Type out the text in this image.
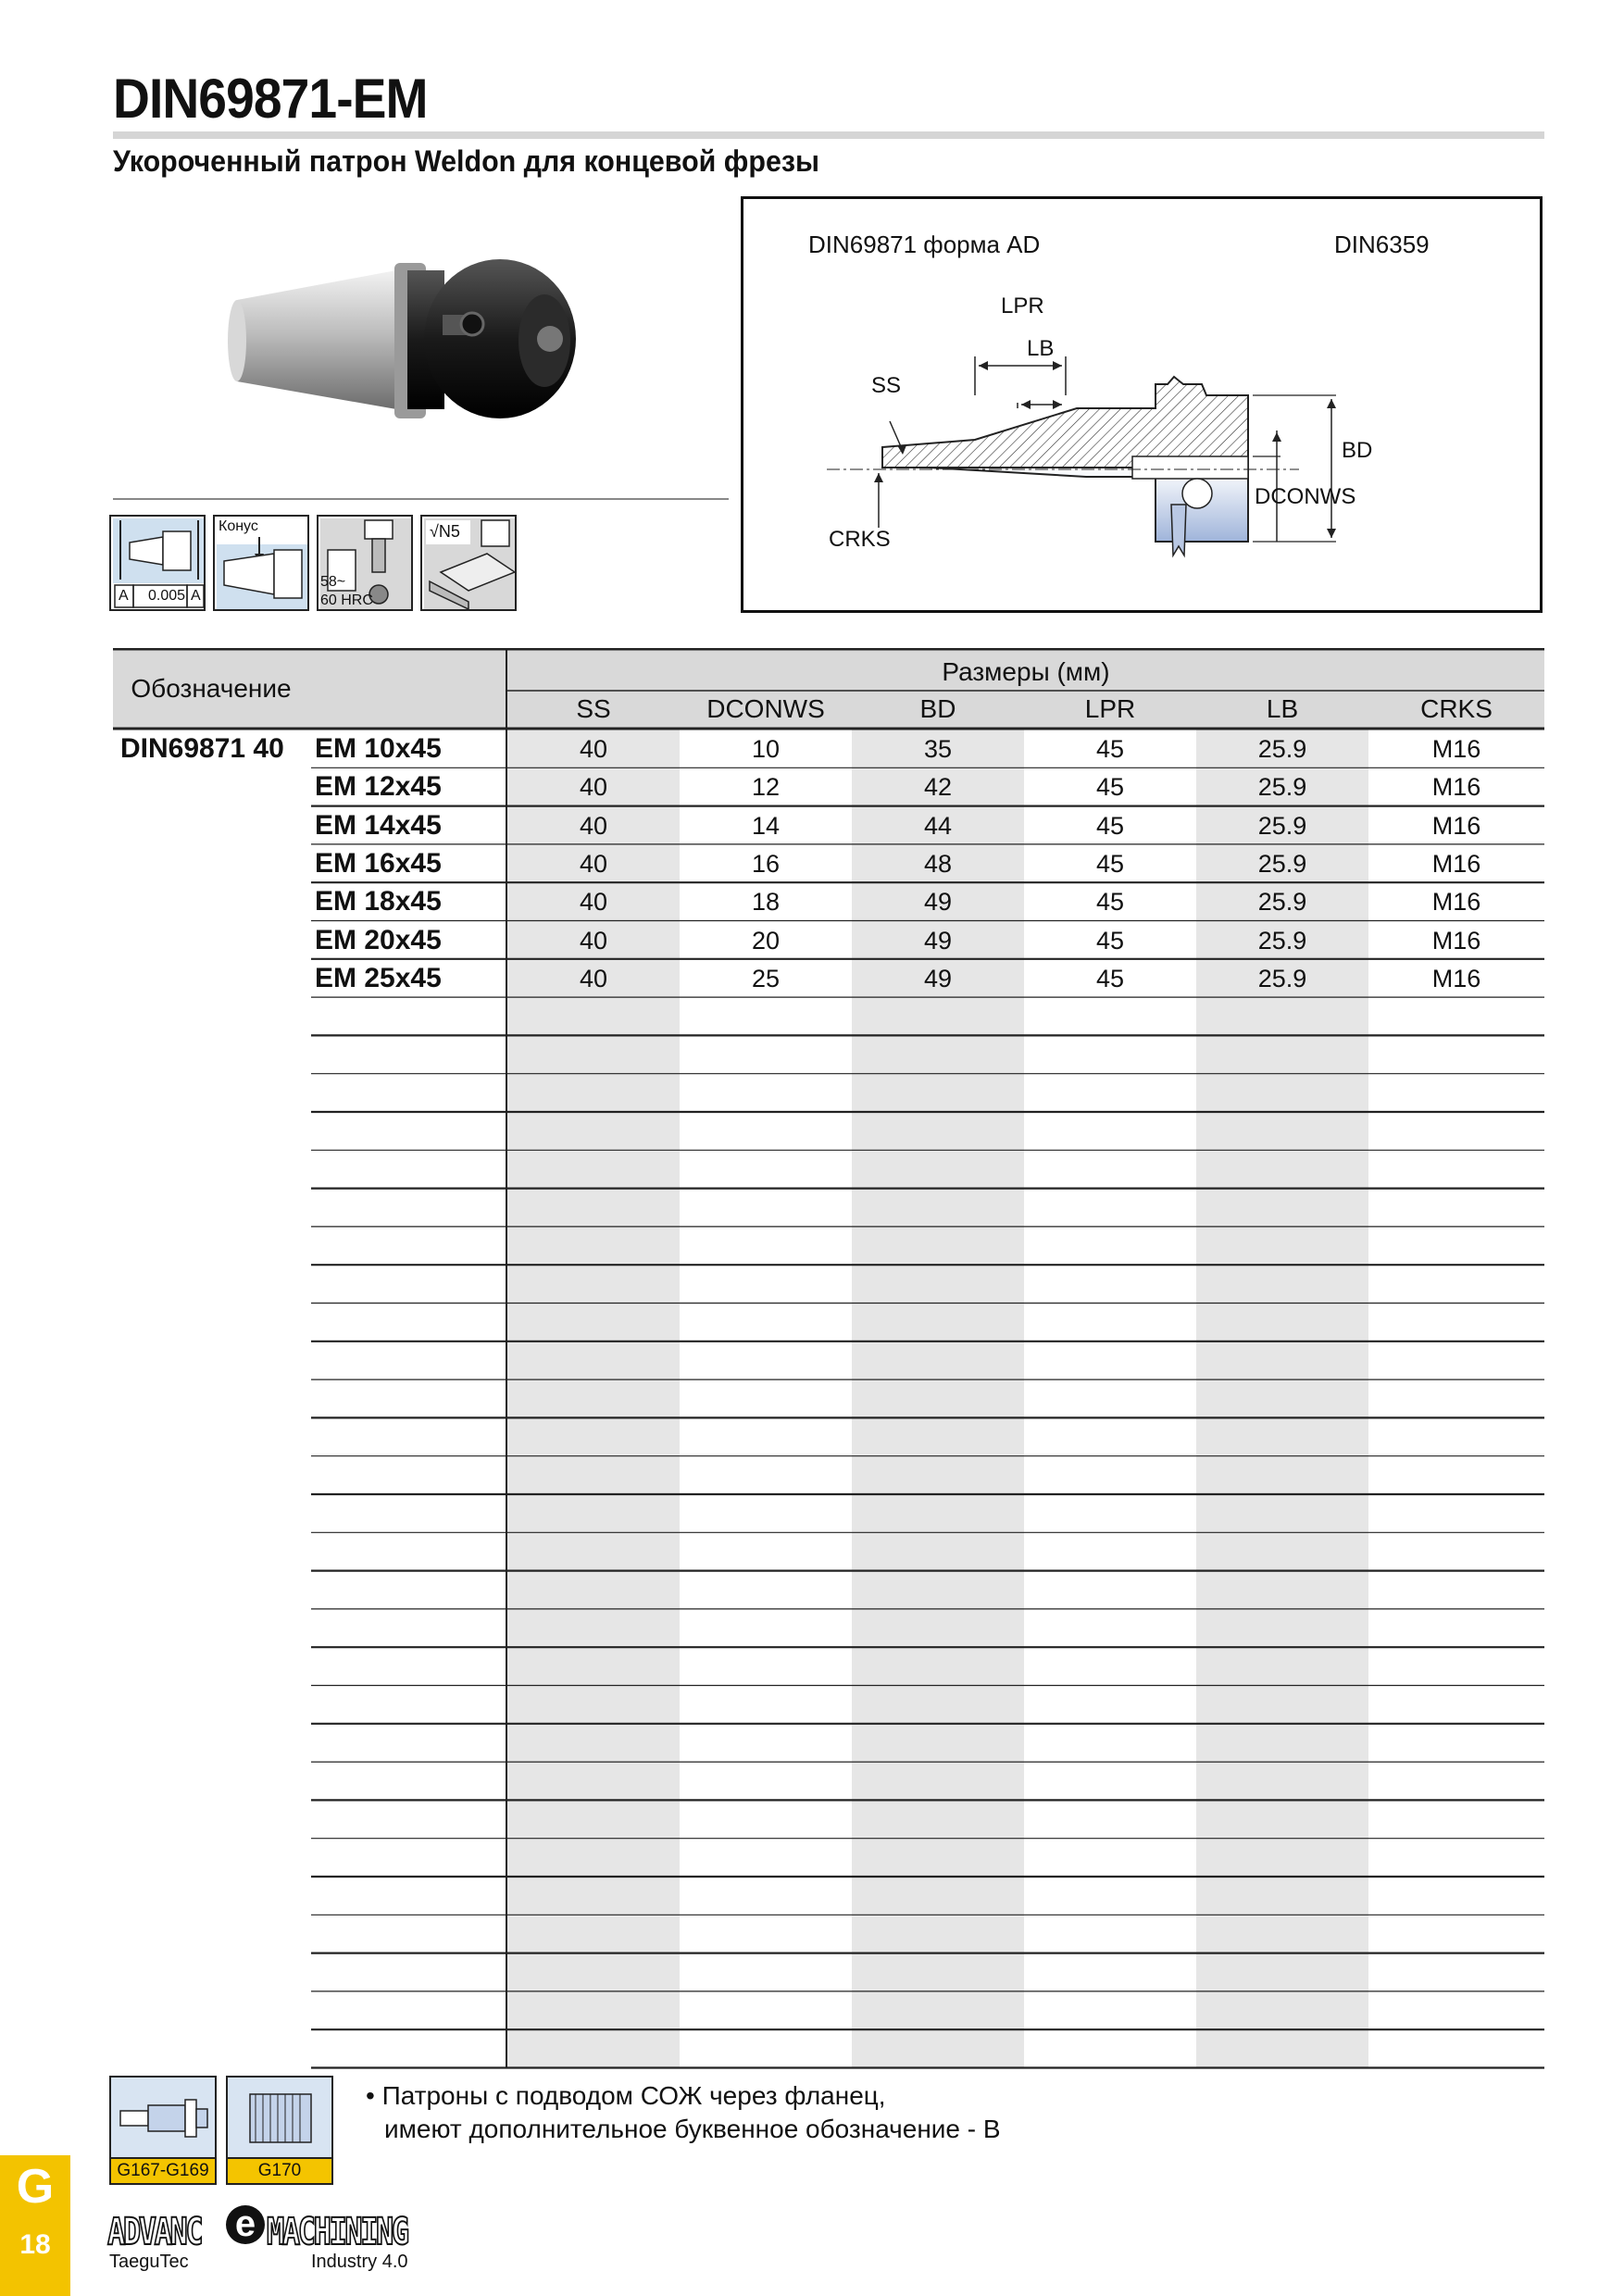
DIN69871-EM
Укороченный патрон Weldon для концевой фрезы
A 0.005 A
Конус
58~
60 HRC
√N5
DIN69871 форма AD	DIN6359
LPR
LB
SS
BD
DCONWS
CRKS
Обозначение
Размеры (мм)
SS	DCONWS	BD	LPR	LB	CRKS
DIN69871 40 EM 10x45	40	10	35	45	25.9	M16
EM 12x45	40	12	42	45	25.9	M16
EM 14x45	40	14	44	45	25.9	M16
EM 16x45	40	16	48	45	25.9	M16
EM 18x45	40	18	49	45	25.9	M16
EM 20x45	40	20	49	45	25.9	M16
EM 25x45	40	25	49	45	25.9	M16
G167-G169	G170
• Патроны с подводом СОЖ через фланец,
имеют дополнительное буквенное обозначение - В
G
18	ADVANC e MACHINING
TaeguTec	Industry 4.0
